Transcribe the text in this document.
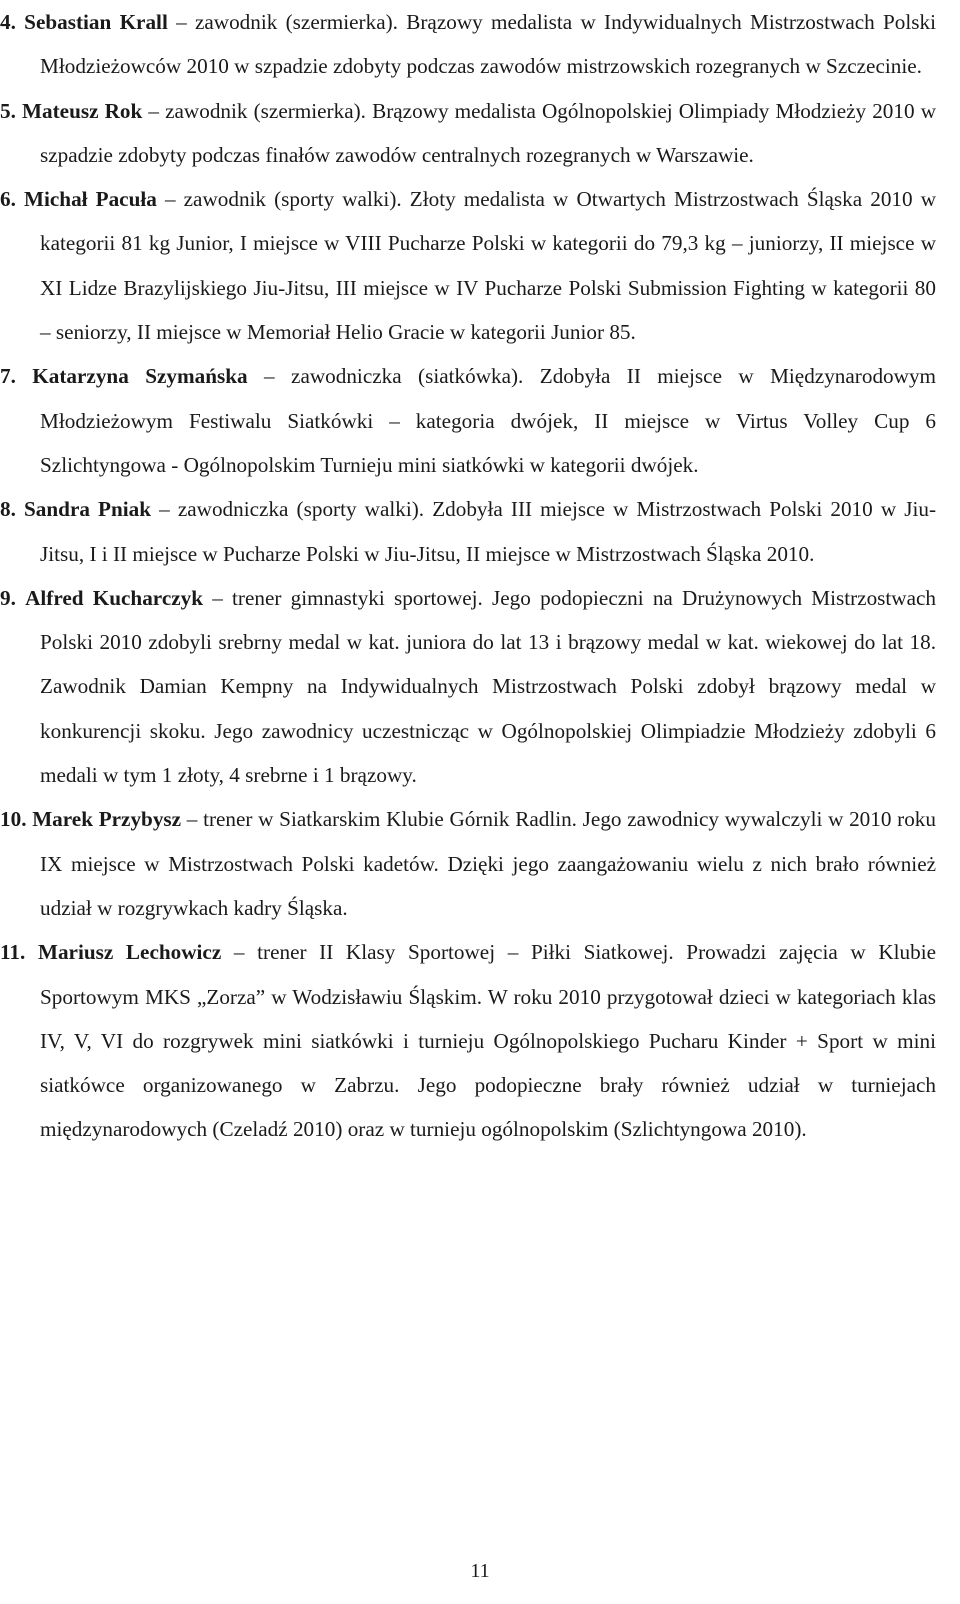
4. Sebastian Krall – zawodnik (szermierka). Brązowy medalista w Indywidualnych Mistrzostwach Polski Młodzieżowców 2010 w szpadzie zdobyty podczas zawodów mistrzowskich rozegranych w Szczecinie.

5. Mateusz Rok – zawodnik (szermierka). Brązowy medalista Ogólnopolskiej Olimpiady Młodzieży 2010 w szpadzie zdobyty podczas finałów zawodów centralnych rozegranych w Warszawie.

6. Michał Pacuła – zawodnik (sporty walki). Złoty medalista w Otwartych Mistrzostwach Śląska 2010 w kategorii 81 kg Junior, I miejsce w VIII Pucharze Polski w kategorii do 79,3 kg – juniorzy, II miejsce w XI Lidze Brazylijskiego Jiu-Jitsu, III miejsce w IV Pucharze Polski Submission Fighting w kategorii 80 – seniorzy, II miejsce w Memoriał Helio Gracie w kategorii Junior 85.

7. Katarzyna Szymańska – zawodniczka (siatkówka). Zdobyła II miejsce w Międzynarodowym Młodzieżowym Festiwalu Siatkówki – kategoria dwójek, II miejsce w Virtus Volley Cup 6 Szlichtyngowa - Ogólnopolskim Turnieju mini siatkówki w kategorii dwójek.

8. Sandra Pniak – zawodniczka (sporty walki). Zdobyła III miejsce w Mistrzostwach Polski 2010 w Jiu-Jitsu, I i II miejsce w Pucharze Polski w Jiu-Jitsu, II miejsce w Mistrzostwach Śląska 2010.

9. Alfred Kucharczyk – trener gimnastyki sportowej. Jego podopieczni na Drużynowych Mistrzostwach Polski 2010 zdobyli srebrny medal w kat. juniora do lat 13 i brązowy medal w kat. wiekowej do lat 18. Zawodnik Damian Kempny na Indywidualnych Mistrzostwach Polski zdobył brązowy medal w konkurencji skoku. Jego zawodnicy uczestnicząc w Ogólnopolskiej Olimpiadzie Młodzieży zdobyli 6 medali w tym 1 złoty, 4 srebrne i 1 brązowy.

10. Marek Przybysz – trener w Siatkarskim Klubie Górnik Radlin. Jego zawodnicy wywalczyli w 2010 roku IX miejsce w Mistrzostwach Polski kadetów. Dzięki jego zaangażowaniu wielu z nich brało również udział w rozgrywkach kadry Śląska.

11. Mariusz Lechowicz – trener II Klasy Sportowej – Piłki Siatkowej. Prowadzi zajęcia w Klubie Sportowym MKS „Zorza” w Wodzisławiu Śląskim. W roku 2010 przygotował dzieci w kategoriach klas IV, V, VI do rozgrywek mini siatkówki i turnieju Ogólnopolskiego Pucharu Kinder + Sport w mini siatkówce organizowanego w Zabrzu. Jego podopieczne brały również udział w turniejach międzynarodowych (Czeladź 2010) oraz w turnieju ogólnopolskim (Szlichtyngowa 2010).

11
